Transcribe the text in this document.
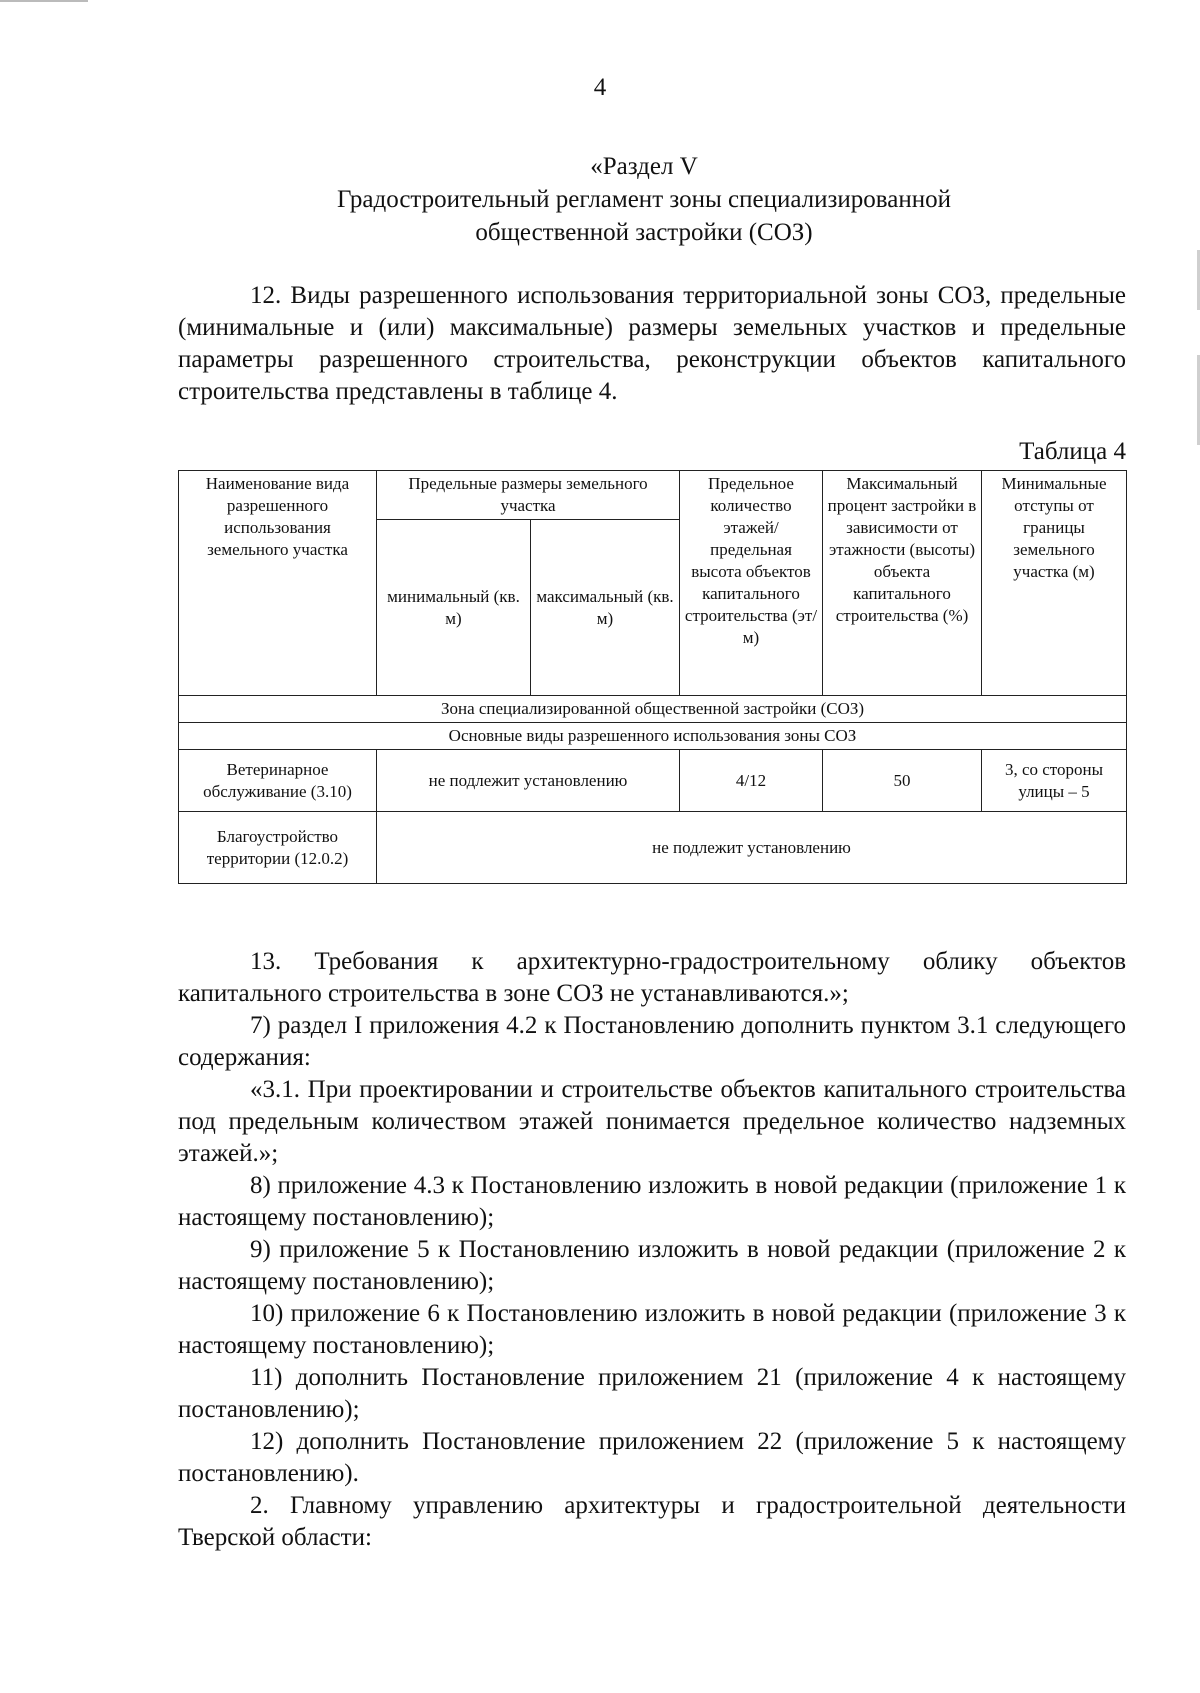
4
«Раздел V
Градостроительный регламент зоны специализированной
общественной застройки (СОЗ)
12. Виды разрешенного использования территориальной зоны СОЗ, предельные (минимальные и (или) максимальные) размеры земельных участков и предельные параметры разрешенного строительства, реконструкции объектов капитального строительства представлены в таблице 4.
Таблица 4
Наименование вида разрешенного использования земельного участка	Предельные размеры земельного участка		Предельное количество этажей/ предельная высота объектов капитального строительства (эт/м)	Максимальный процент застройки в зависимости от этажности (высоты) объекта капитального строительства (%)	Минимальные отступы от границы земельного участка (м)
	минимальный (кв. м)	максимальный (кв. м)			
Зона специализированной общественной застройки (СОЗ)					
Основные виды разрешенного использования зоны СОЗ					
Ветеринарное обслуживание (3.10)	не подлежит установлению		4/12	50	3, со стороны улицы – 5
Благоустройство территории (12.0.2)	не подлежит установлению				
13. Требования к архитектурно-градостроительному облику объектов капитального строительства в зоне СОЗ не устанавливаются.»;
7) раздел I приложения 4.2 к Постановлению дополнить пунктом 3.1 следующего содержания:
«3.1. При проектировании и строительстве объектов капитального строительства под предельным количеством этажей понимается предельное количество надземных этажей.»;
8) приложение 4.3 к Постановлению изложить в новой редакции (приложение 1 к настоящему постановлению);
9) приложение 5 к Постановлению изложить в новой редакции (приложение 2 к настоящему постановлению);
10) приложение 6 к Постановлению изложить в новой редакции (приложение 3 к настоящему постановлению);
11) дополнить Постановление приложением 21 (приложение 4 к настоящему постановлению);
12) дополнить Постановление приложением 22 (приложение 5 к настоящему постановлению).
2. Главному управлению архитектуры и градостроительной деятельности Тверской области:
